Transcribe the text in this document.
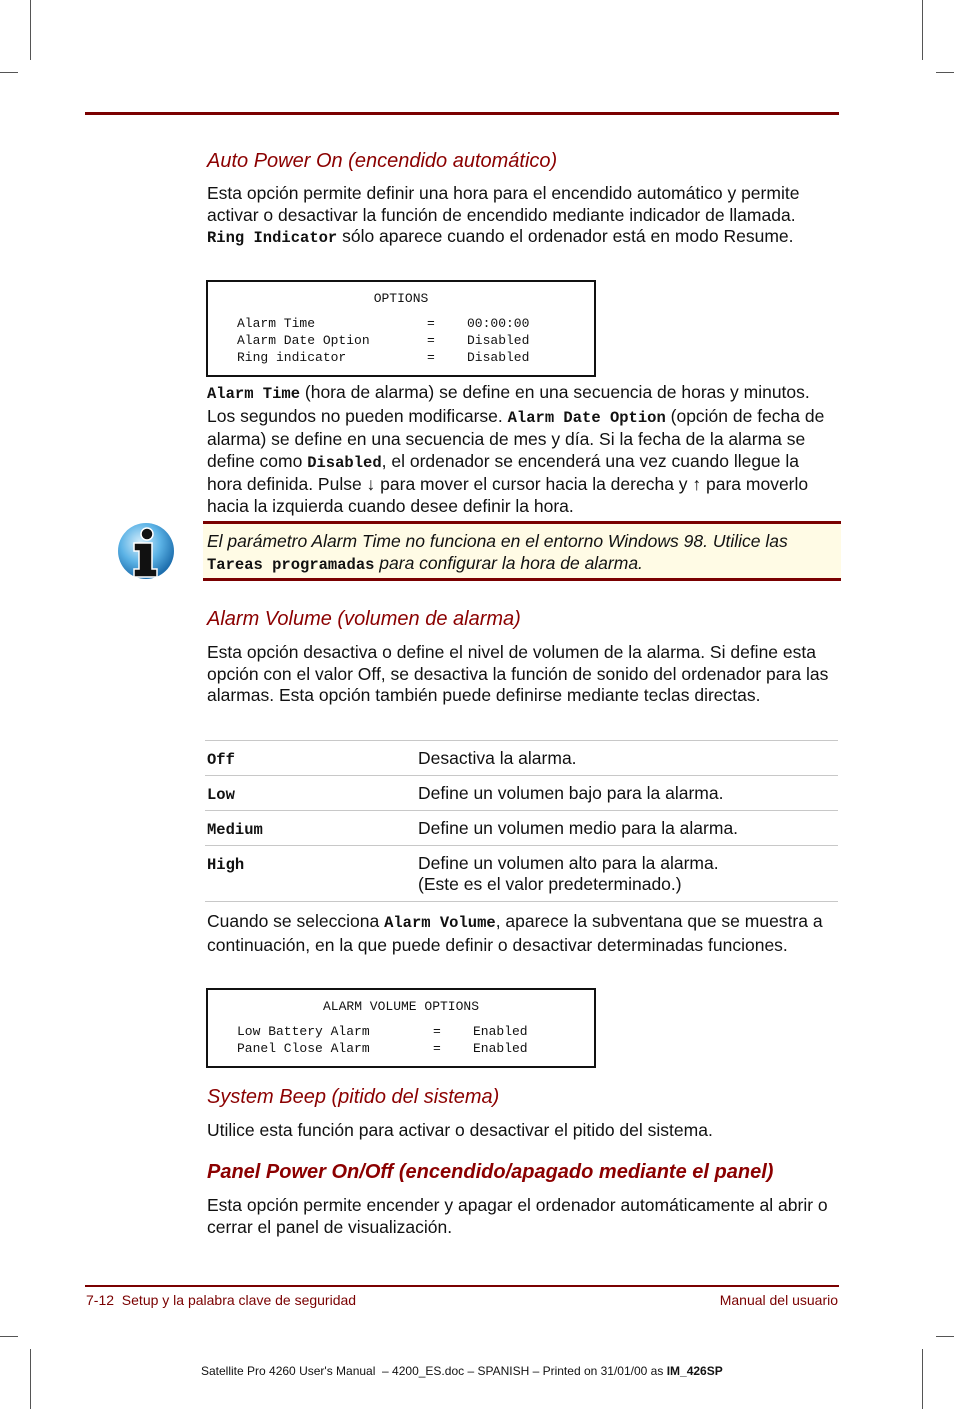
Auto Power On (encendido automático)
Esta opción permite definir una hora para el encendido automático y permite activar o desactivar la función de encendido mediante indicador de llamada. Ring Indicator sólo aparece cuando el ordenador está en modo Resume.
OPTIONS
Alarm Time	=	00:00:00
Alarm Date Option	=	Disabled
Ring indicator	=	Disabled
Alarm Time (hora de alarma) se define en una secuencia de horas y minutos. Los segundos no pueden modificarse. Alarm Date Option (opción de fecha de alarma) se define en una secuencia de mes y día. Si la fecha de la alarma se define como Disabled, el ordenador se encenderá una vez cuando llegue la hora definida. Pulse ↓ para mover el cursor hacia la derecha y ↑ para moverlo hacia la izquierda cuando desee definir la hora.
El parámetro Alarm Time no funciona en el entorno Windows 98. Utilice las Tareas programadas para configurar la hora de alarma.
Alarm Volume (volumen de alarma)
Esta opción desactiva o define el nivel de volumen de la alarma. Si define esta opción con el valor Off, se desactiva la función de sonido del ordenador para las alarmas. Esta opción también puede definirse mediante teclas directas.
Off	Desactiva la alarma.
Low	Define un volumen bajo para la alarma.
Medium	Define un volumen medio para la alarma.
High	Define un volumen alto para la alarma.
(Este es el valor predeterminado.)
Cuando se selecciona Alarm Volume, aparece la subventana que se muestra a continuación, en la que puede definir o desactivar determinadas funciones.
ALARM VOLUME OPTIONS
Low Battery Alarm	=	Enabled
Panel Close Alarm	=	Enabled
System Beep (pitido del sistema)
Utilice esta función para activar o desactivar el pitido del sistema.
Panel Power On/Off (encendido/apagado mediante el panel)
Esta opción permite encender y apagar el ordenador automáticamente al abrir o cerrar el panel de visualización.
7-12  Setup y la palabra clave de seguridad	Manual del usuario
Satellite Pro 4260 User's Manual  – 4200_ES.doc – SPANISH – Printed on 31/01/00 as IM_426SP
